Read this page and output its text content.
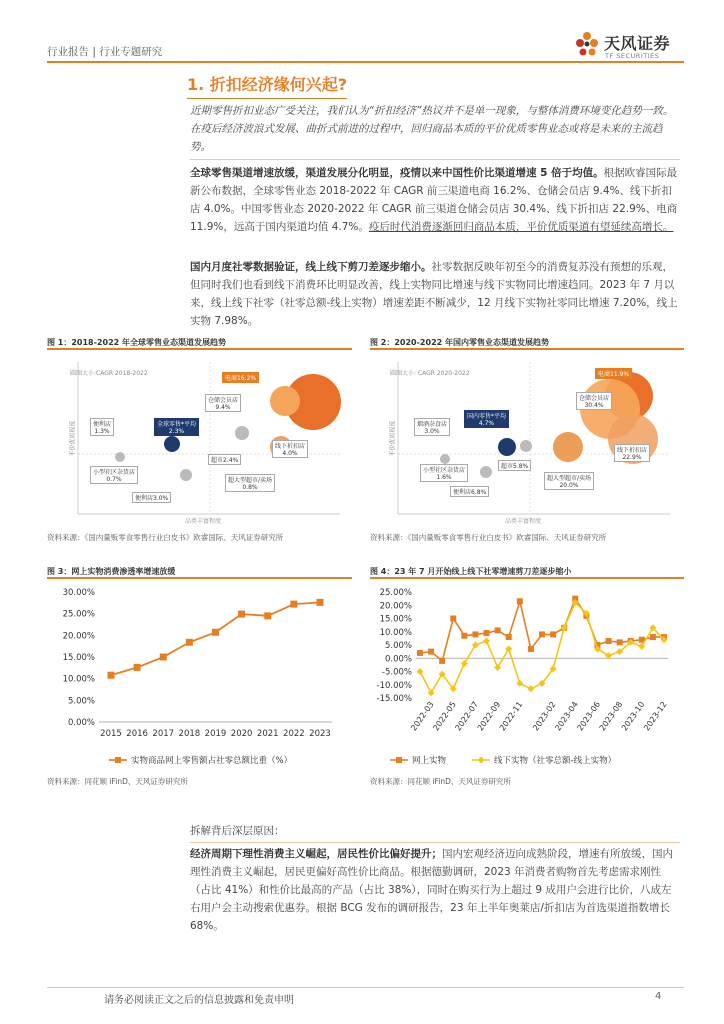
行业报告 | 行业专题研究	天风证券
TF SECURITIES
1. 折扣经济缘何兴起?
近期零售折扣业态广受关注，我们认为“折扣经济”热议并不是单一现象，与整体消费环境变化趋势一致。在疫后经济波浪式发展、曲折式前进的过程中，回归商品本质的平价优质零售业态或将是未来的主流趋势。
全球零售渠道增速放缓，渠道发展分化明显，疫情以来中国性价比渠道增速 5 倍于均值。根据欧睿国际最新公布数据，全球零售业态 2018-2022 年 CAGR 前三渠道电商 16.2%、仓储会员店 9.4%、线下折扣店 4.0%。中国零售业态 2020-2022 年 CAGR 前三渠道仓储会员店 30.4%、线下折扣店 22.9%、电商 11.9%，远高于国内渠道均值 4.7%。疫后时代消费逐渐回归商品本质，平价优质渠道有望延续高增长。
国内月度社零数据验证，线上线下剪刀差逐步缩小。社零数据反映年初至今的消费复苏没有预想的乐观，但同时我们也看到线下消费环比明显改善，线上实物同比增速与线下实物同比增速趋同。2023 年 7 月以来，线上线下社零（社零总额-线上实物）增速差距不断减少，12 月线下实物社零同比增速 7.20%，线上实物 7.98%。
图 1：2018-2022 年全球零售业态渠道发展趋势
圆圈大小:CAGR 2018-2022
品类丰富程度
平价优质程度
电商16.2%
仓储会员店
9.4%
便利店
1.3%
全球零售*平均
2.3%
超市2.4%
线下折扣店
4.0%
小型社区杂货店
0.7%	超大型超市/卖场
0.8%
便利店3.0%
资料来源：《国内量贩零食零售行业白皮书》欧睿国际、天风证券研究所
图 2：2020-2022 年国内零售业态渠道发展趋势
圆圈大小: CAGR 2020-2022
品类丰富程度
平价优质程度
电商11.9%
仓储会员店
30.4%
烟酒杂食店
3.0%
国内零售*平均
4.7%
超市5.8%
线下折扣店
22.9%
小型社区杂货店
1.6%	超大型超市/卖场
20.0%
便利店6.8%
资料来源：《国内量贩零食零售行业白皮书》欧睿国际、天风证券研究所
图 3：网上实物消费渗透率增速放缓
0.00%
5.00%
10.00%
15.00%
20.00%
25.00%
30.00%
2015 2016 2017 2018 2019 2020 2021 2022 2023
实物商品网上零售额占社零总额比重（%）
资料来源：同花顺 iFinD、天风证券研究所
图 4：23 年 7 月开始线上线下社零增速剪刀差逐步缩小
-15.00%
-10.00%
-5.00%
0.00%
5.00%
10.00%
15.00%
20.00%
25.00%
2022-03
2022-05
2022-07
2022-09
2022-11 2023-02
2023-04
2023-06
2023-08
2023-10
2023-12
网上实物	线下实物（社零总额-线上实物）
资料来源：同花顺 iFinD、天风证券研究所
拆解背后深层原因：
经济周期下理性消费主义崛起，居民性价比偏好提升；国内宏观经济迈向成熟阶段，增速有所放缓，国内理性消费主义崛起，居民更偏好高性价比商品。根据德勤调研，2023 年消费者购物首先考虑需求刚性（占比 41%）和性价比最高的产品（占比 38%），同时在购买行为上超过 9 成用户会进行比价，八成左右用户会主动搜索优惠券。根据 BCG 发布的调研报告，23 年上半年奥莱店/折扣店为首选渠道指数增长 68%。
请务必阅读正文之后的信息披露和免责申明	4
